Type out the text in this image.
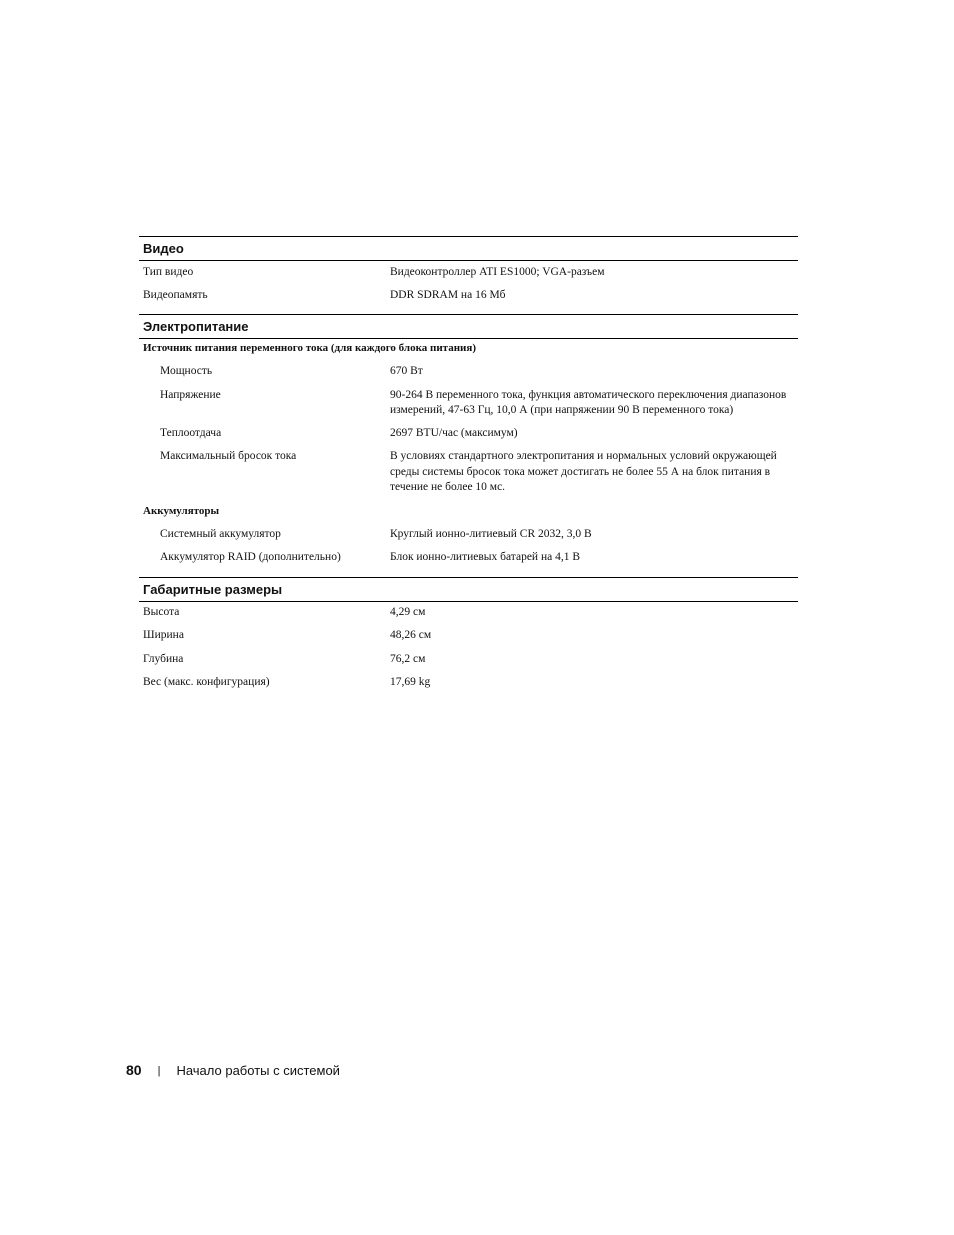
Видео
Тип видео	Видеоконтроллер ATI ES1000; VGA-разъем
Видеопамять	DDR SDRAM на 16 Мб
Электропитание
Источник питания переменного тока (для каждого блока питания)
Мощность	670 Вт
Напряжение	90-264 В переменного тока, функция автоматического переключения диапазонов измерений, 47-63 Гц, 10,0 А (при напряжении 90 В переменного тока)
Теплоотдача	2697 BTU/час (максимум)
Максимальный бросок тока	В условиях стандартного электропитания и нормальных условий окружающей среды системы бросок тока может достигать не более 55 А на блок питания в течение не более 10 мс.
Аккумуляторы
Системный аккумулятор	Круглый ионно-литиевый CR 2032, 3,0 В
Аккумулятор RAID (дополнительно)	Блок ионно-литиевых батарей на 4,1 В
Габаритные размеры
Высота	4,29 см
Ширина	48,26 см
Глубина	76,2 см
Вес (макс. конфигурация)	17,69 kg
80 | Начало работы с системой
